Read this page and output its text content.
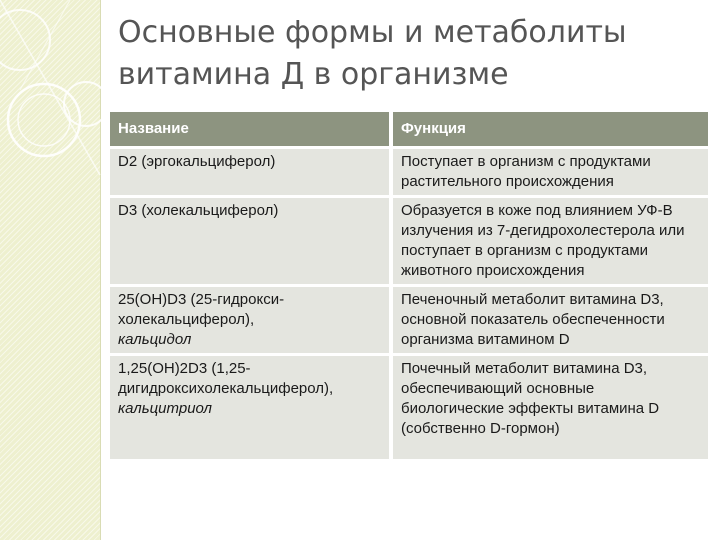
Основные формы и метаболиты
витамина Д в организме
Название	Функция

D2 (эргокальциферол)	Поступает в организм с продуктами растительного происхождения

D3 (холекальциферол)	Образуется в коже под влиянием УФ-В излучения из 7-дегидрохолестерола или поступает в организм с продуктами животного происхождения

25(OH)D3 (25-гидрокси-холекальциферол),
кальцидол	Печеночный метаболит витамина D3, основной показатель обеспеченности организма витамином D

1,25(OH)2D3 (1,25-дигидроксихолекальциферол),
кальцитриол	Почечный метаболит витамина D3, обеспечивающий основные биологические эффекты витамина D (собственно D-гормон)
